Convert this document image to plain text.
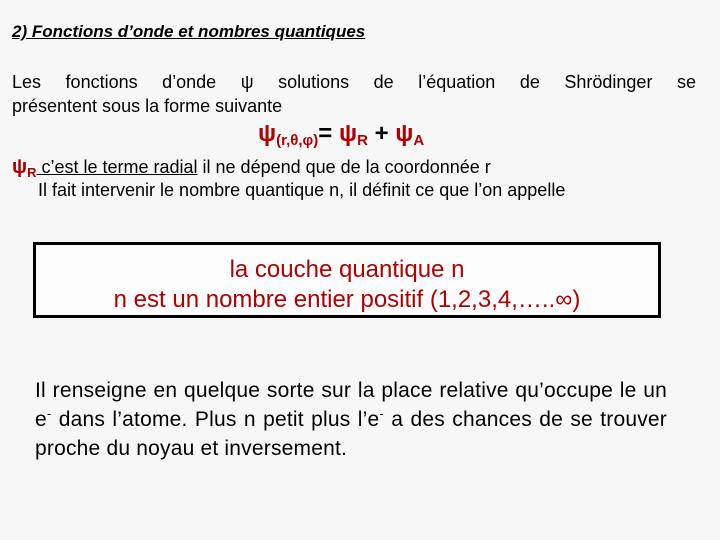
2) Fonctions d’onde et nombres quantiques
Les fonctions d’onde ψ solutions de l’équation de Shrödinger se
présentent sous la forme suivante
$\psi_{(r,\theta,\varphi)}= \psi_R + \psi_A$
$\psi_R$ c’est le terme radial il ne dépend que de la coordonnée r
Il fait intervenir le nombre quantique n, il définit ce que l’on appelle
la couche quantique n
n est un nombre entier positif (1,2,3,4,…..∞)
Il renseigne en quelque sorte sur la place relative qu’occupe le un e- dans l’atome. Plus n petit plus l’e- a des chances de se trouver proche du noyau et inversement.
